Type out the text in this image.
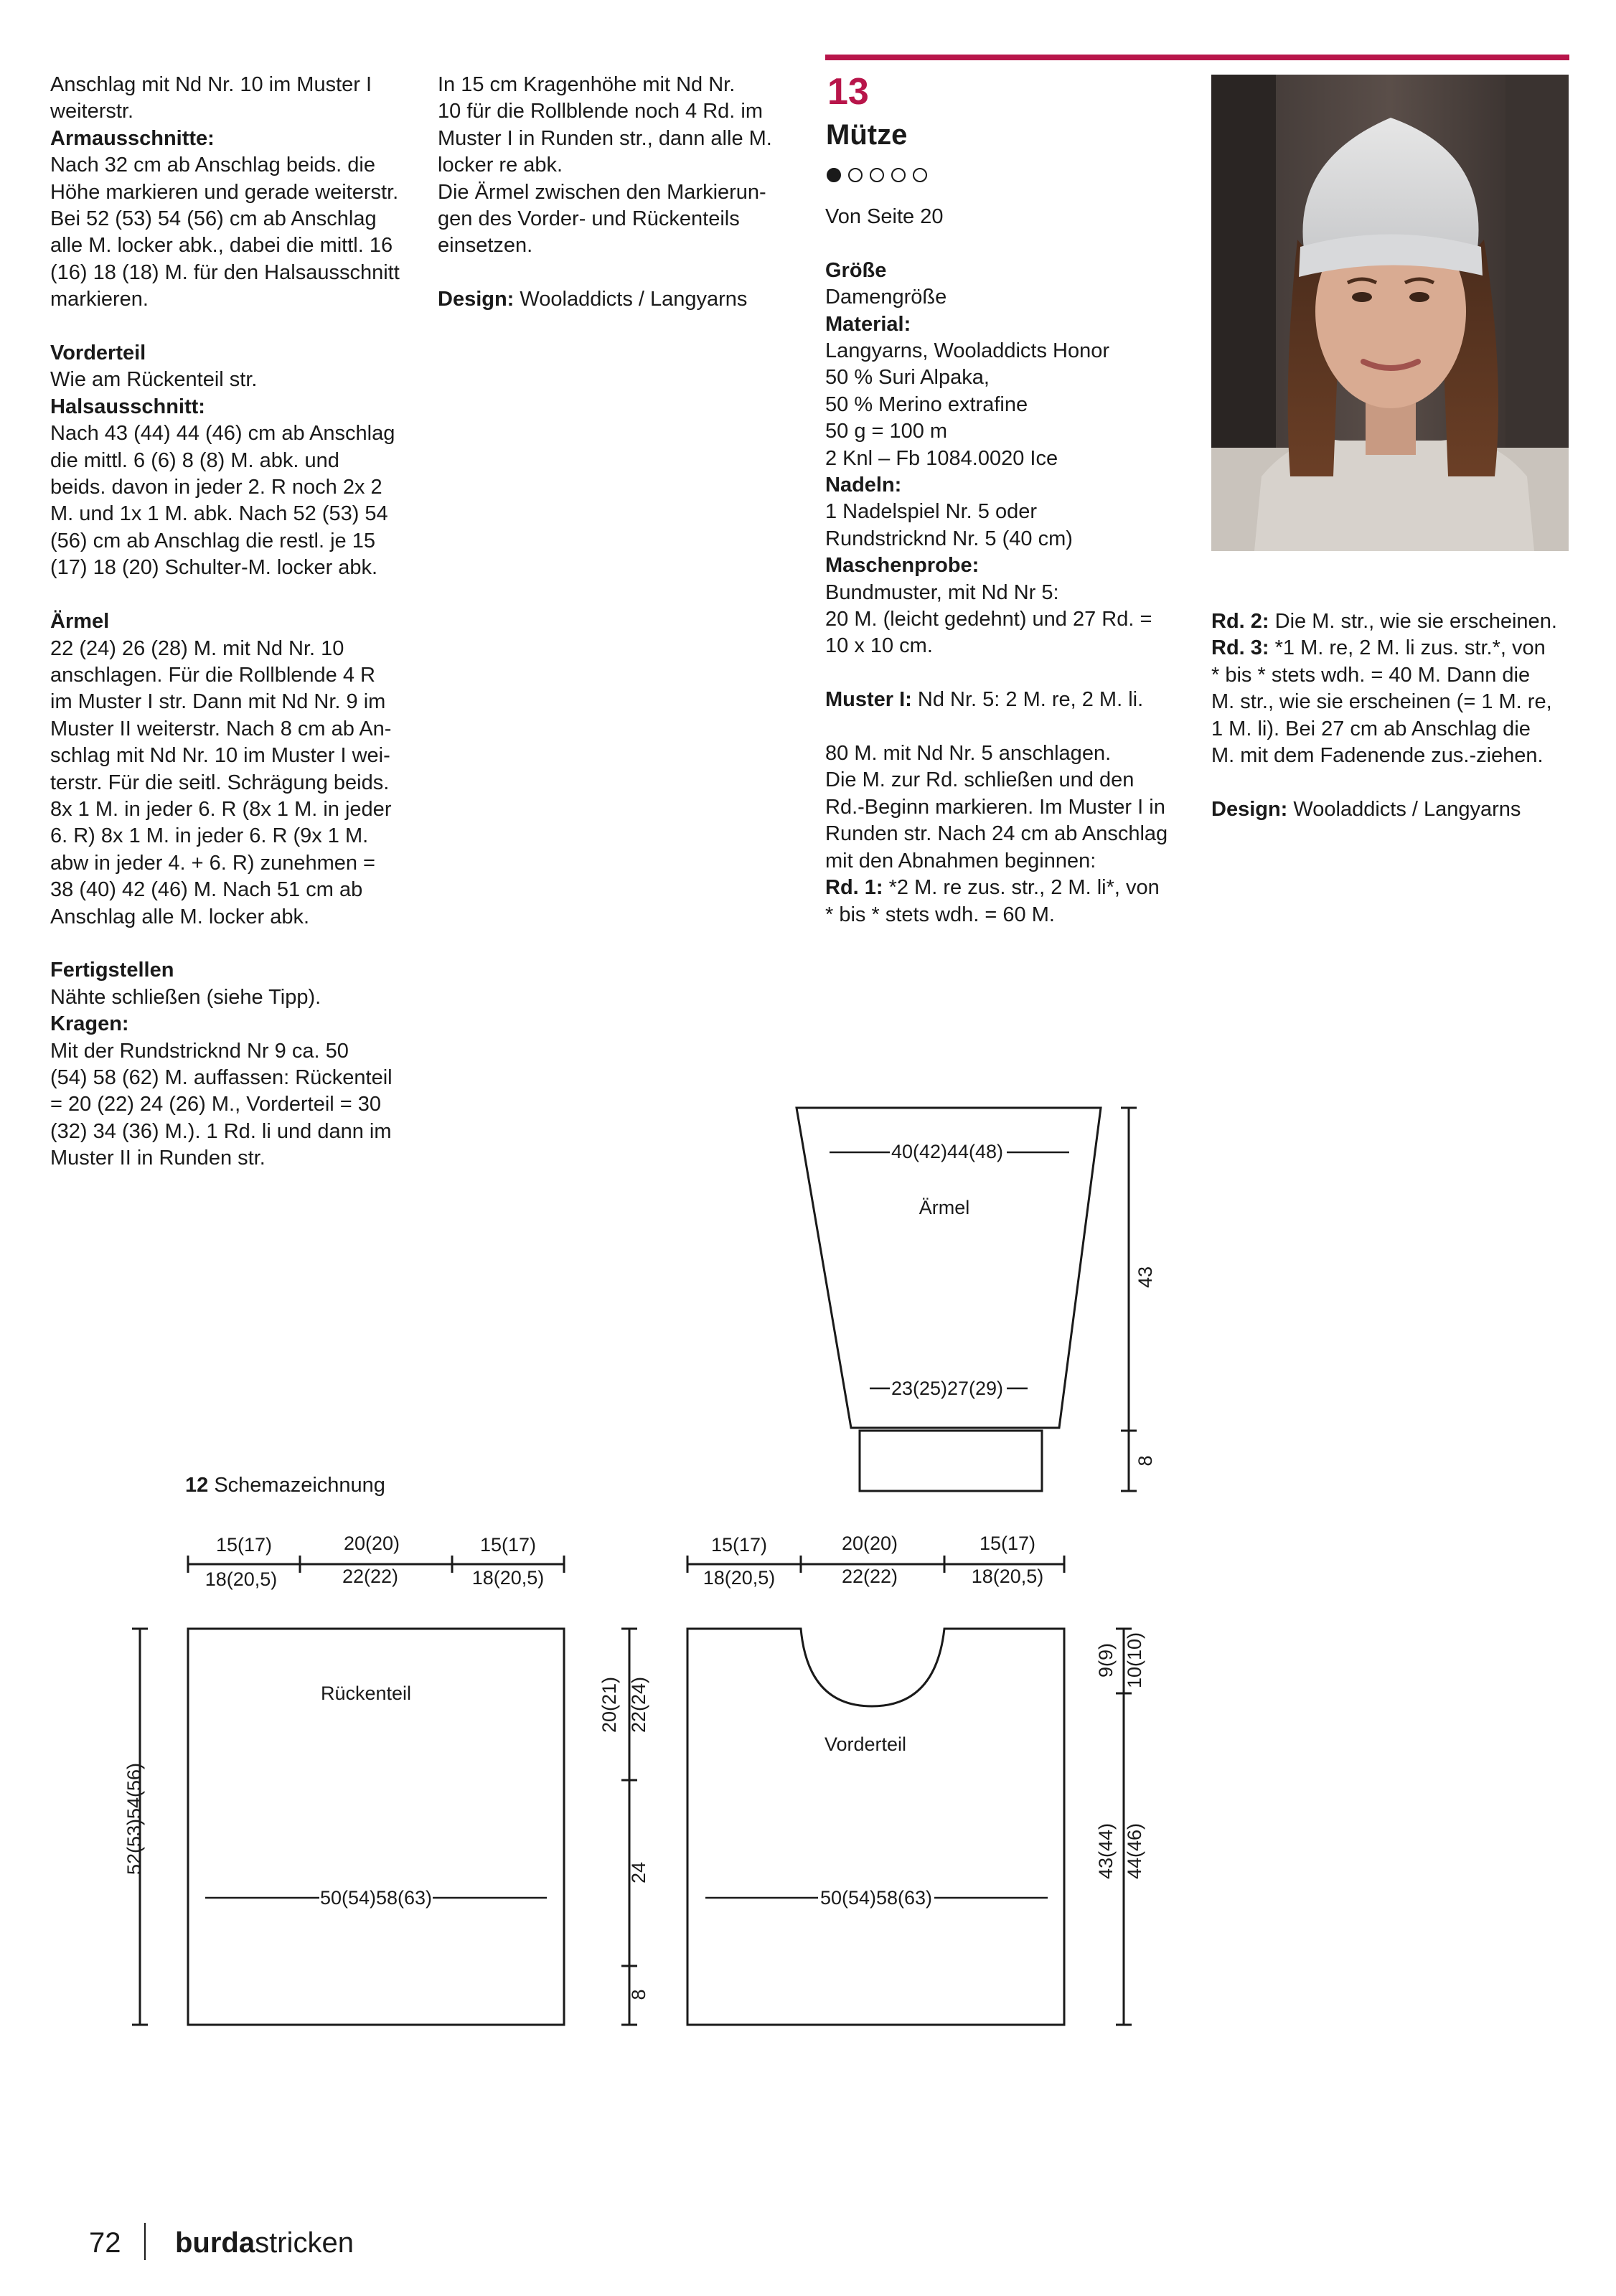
Anschlag mit Nd Nr. 10 im Muster I

weiterstr.

Armausschnitte:

Nach 32 cm ab Anschlag beids. die

Höhe markieren und gerade weiterstr.

Bei 52 (53) 54 (56) cm ab Anschlag

alle M. locker abk., dabei die mittl. 16

(16) 18 (18) M. für den Halsausschnitt

markieren.

Vorderteil

Wie am Rückenteil str.

Halsausschnitt:

Nach 43 (44) 44 (46) cm ab Anschlag

die mittl. 6 (6) 8 (8) M. abk. und

beids. davon in jeder 2. R noch 2x 2

M. und 1x 1 M. abk. Nach 52 (53) 54

(56) cm ab Anschlag die restl. je 15

(17) 18 (20) Schulter-M. locker abk.

Ärmel

22 (24) 26 (28) M. mit Nd Nr. 10

anschlagen. Für die Rollblende 4 R

im Muster I str. Dann mit Nd Nr. 9 im

Muster II weiterstr. Nach 8 cm ab An-

schlag mit Nd Nr. 10 im Muster I wei-

terstr. Für die seitl. Schrägung beids.

8x 1 M. in jeder 6. R (8x 1 M. in jeder

6. R) 8x 1 M. in jeder 6. R (9x 1 M.

abw in jeder 4. + 6. R) zunehmen =

38 (40) 42 (46) M. Nach 51 cm ab

Anschlag alle M. locker abk.

Fertigstellen

Nähte schließen (siehe Tipp).

Kragen:

Mit der Rundstricknd Nr 9 ca. 50

(54) 58 (62) M. auffassen: Rückenteil

= 20 (22) 24 (26) M., Vorderteil = 30

(32) 34 (36) M.). 1 Rd. li und dann im

Muster II in Runden str.

In 15 cm Kragenhöhe mit Nd Nr.

10 für die Rollblende noch 4 Rd. im

Muster I in Runden str., dann alle M.

locker re abk.

Die Ärmel zwischen den Markierun-

gen des Vorder- und Rückenteils

einsetzen.

Design: Wooladdicts / Langyarns

13
Mütze

Von Seite 20

Größe

Damengröße

Material:

Langyarns, Wooladdicts Honor

50 % Suri Alpaka,

50 % Merino extrafine

50 g = 100 m

2 Knl – Fb 1084.0020 Ice

Nadeln:

1 Nadelspiel Nr. 5 oder

Rundstricknd Nr. 5 (40 cm)

Maschenprobe:

Bundmuster, mit Nd Nr 5:

20 M. (leicht gedehnt) und 27 Rd. =

10 x 10 cm.

Muster I: Nd Nr. 5: 2 M. re, 2 M. li.

80 M. mit Nd Nr. 5 anschlagen.

Die M. zur Rd. schließen und den

Rd.-Beginn markieren. Im Muster I in

Runden str. Nach 24 cm ab Anschlag

mit den Abnahmen beginnen:

Rd. 1: *2 M. re zus. str., 2 M. li*, von

* bis * stets wdh. = 60 M.

Rd. 2: Die M. str., wie sie erscheinen.

Rd. 3: *1 M. re, 2 M. li zus. str.*, von

* bis * stets wdh. = 40 M. Dann die

M. str., wie sie erscheinen (= 1 M. re,

1 M. li). Bei 27 cm ab Anschlag die

M. mit dem Fadenende zus.-ziehen.

Design: Wooladdicts / Langyarns

40(42)44(48)
Ärmel
23(25)27(29)
43
8
15(17)	20(20)	15(17)
18(20,5)	22(22)	18(20,5)
Rückenteil
50(54)58(63)
52(53)54(56)
20(21) 22(24)
24
8
15(17)	20(20)	15(17)
18(20,5)	22(22)	18(20,5)
Vorderteil
50(54)58(63)
9(9) 10(10)
43(44) 44(46)
12 Schemazeichnung
72 burdastricken
